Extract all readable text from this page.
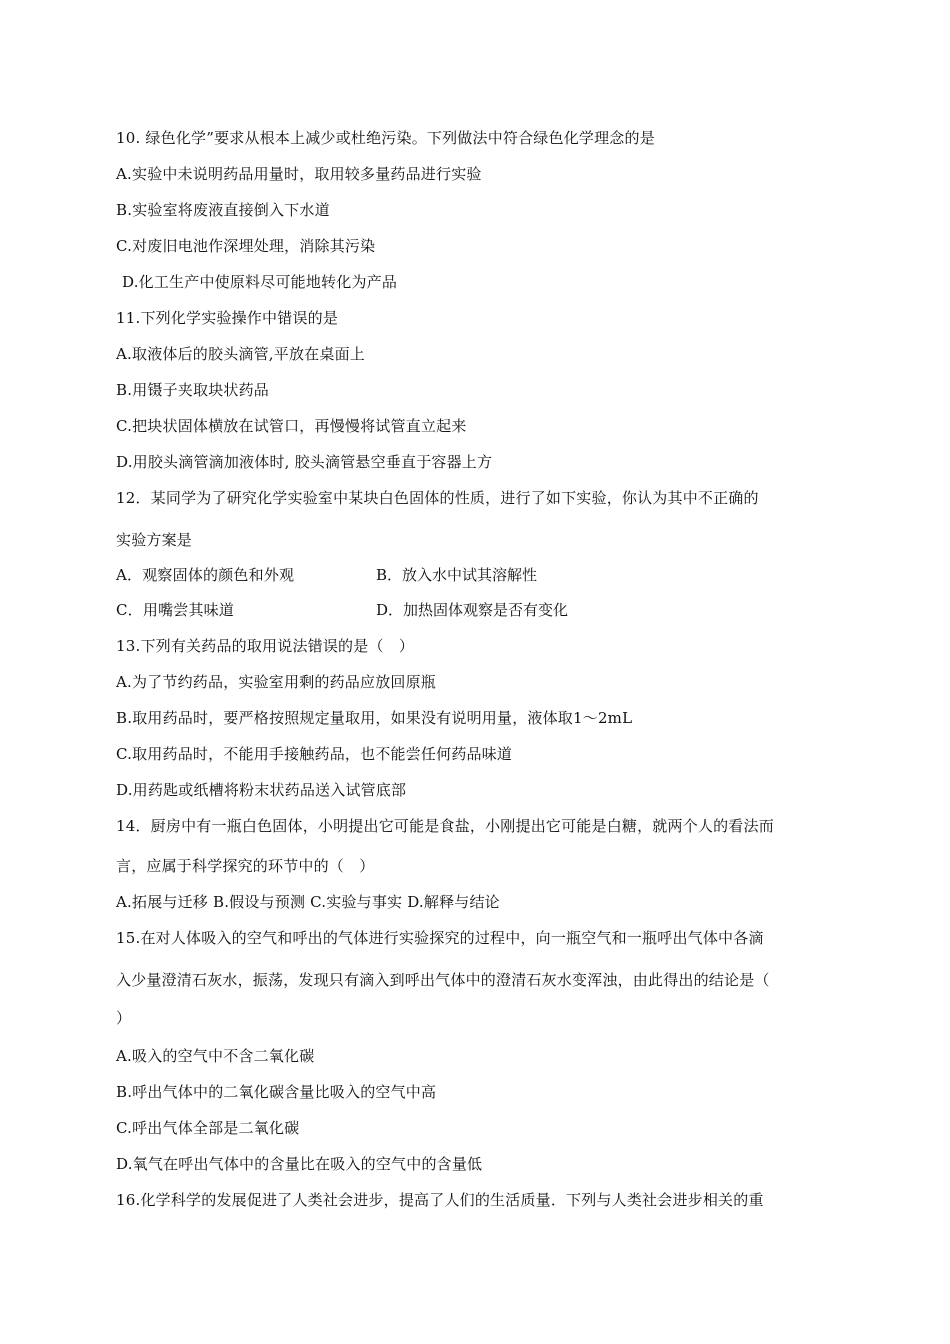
10. 绿色化学”要求从根本上减少或杜绝污染。下列做法中符合绿色化学理念的是
A.实验中未说明药品用量时，取用较多量药品进行实验
B.实验室将废液直接倒入下水道
C.对废旧电池作深埋处理，消除其污染
D.化工生产中使原料尽可能地转化为产品
11.下列化学实验操作中错误的是
A.取液体后的胶头滴管,平放在桌面上
B.用镊子夹取块状药品
C.把块状固体横放在试管口，再慢慢将试管直立起来
D.用胶头滴管滴加液体时, 胶头滴管悬空垂直于容器上方
12．某同学为了研究化学实验室中某块白色固体的性质，进行了如下实验，你认为其中不正确的
实验方案是
A．观察固体的颜色和外观	B．放入水中试其溶解性
C．用嘴尝其味道	D．加热固体观察是否有变化
13.下列有关药品的取用说法错误的是（　）
A.为了节约药品，实验室用剩的药品应放回原瓶
B.取用药品时，要严格按照规定量取用，如果没有说明用量，液体取1～2mL
C.取用药品时，不能用手接触药品，也不能尝任何药品味道
D.用药匙或纸槽将粉末状药品送入试管底部
14．厨房中有一瓶白色固体，小明提出它可能是食盐，小刚提出它可能是白糖，就两个人的看法而
言，应属于科学探究的环节中的（　）
A.拓展与迁移 B.假设与预测 C.实验与事实 D.解释与结论
15.在对人体吸入的空气和呼出的气体进行实验探究的过程中，向一瓶空气和一瓶呼出气体中各滴
入少量澄清石灰水，振荡，发现只有滴入到呼出气体中的澄清石灰水变浑浊，由此得出的结论是（
）
A.吸入的空气中不含二氧化碳
B.呼出气体中的二氧化碳含量比吸入的空气中高
C.呼出气体全部是二氧化碳
D.氧气在呼出气体中的含量比在吸入的空气中的含量低
16.化学科学的发展促进了人类社会进步，提高了人们的生活质量．下列与人类社会进步相关的重
